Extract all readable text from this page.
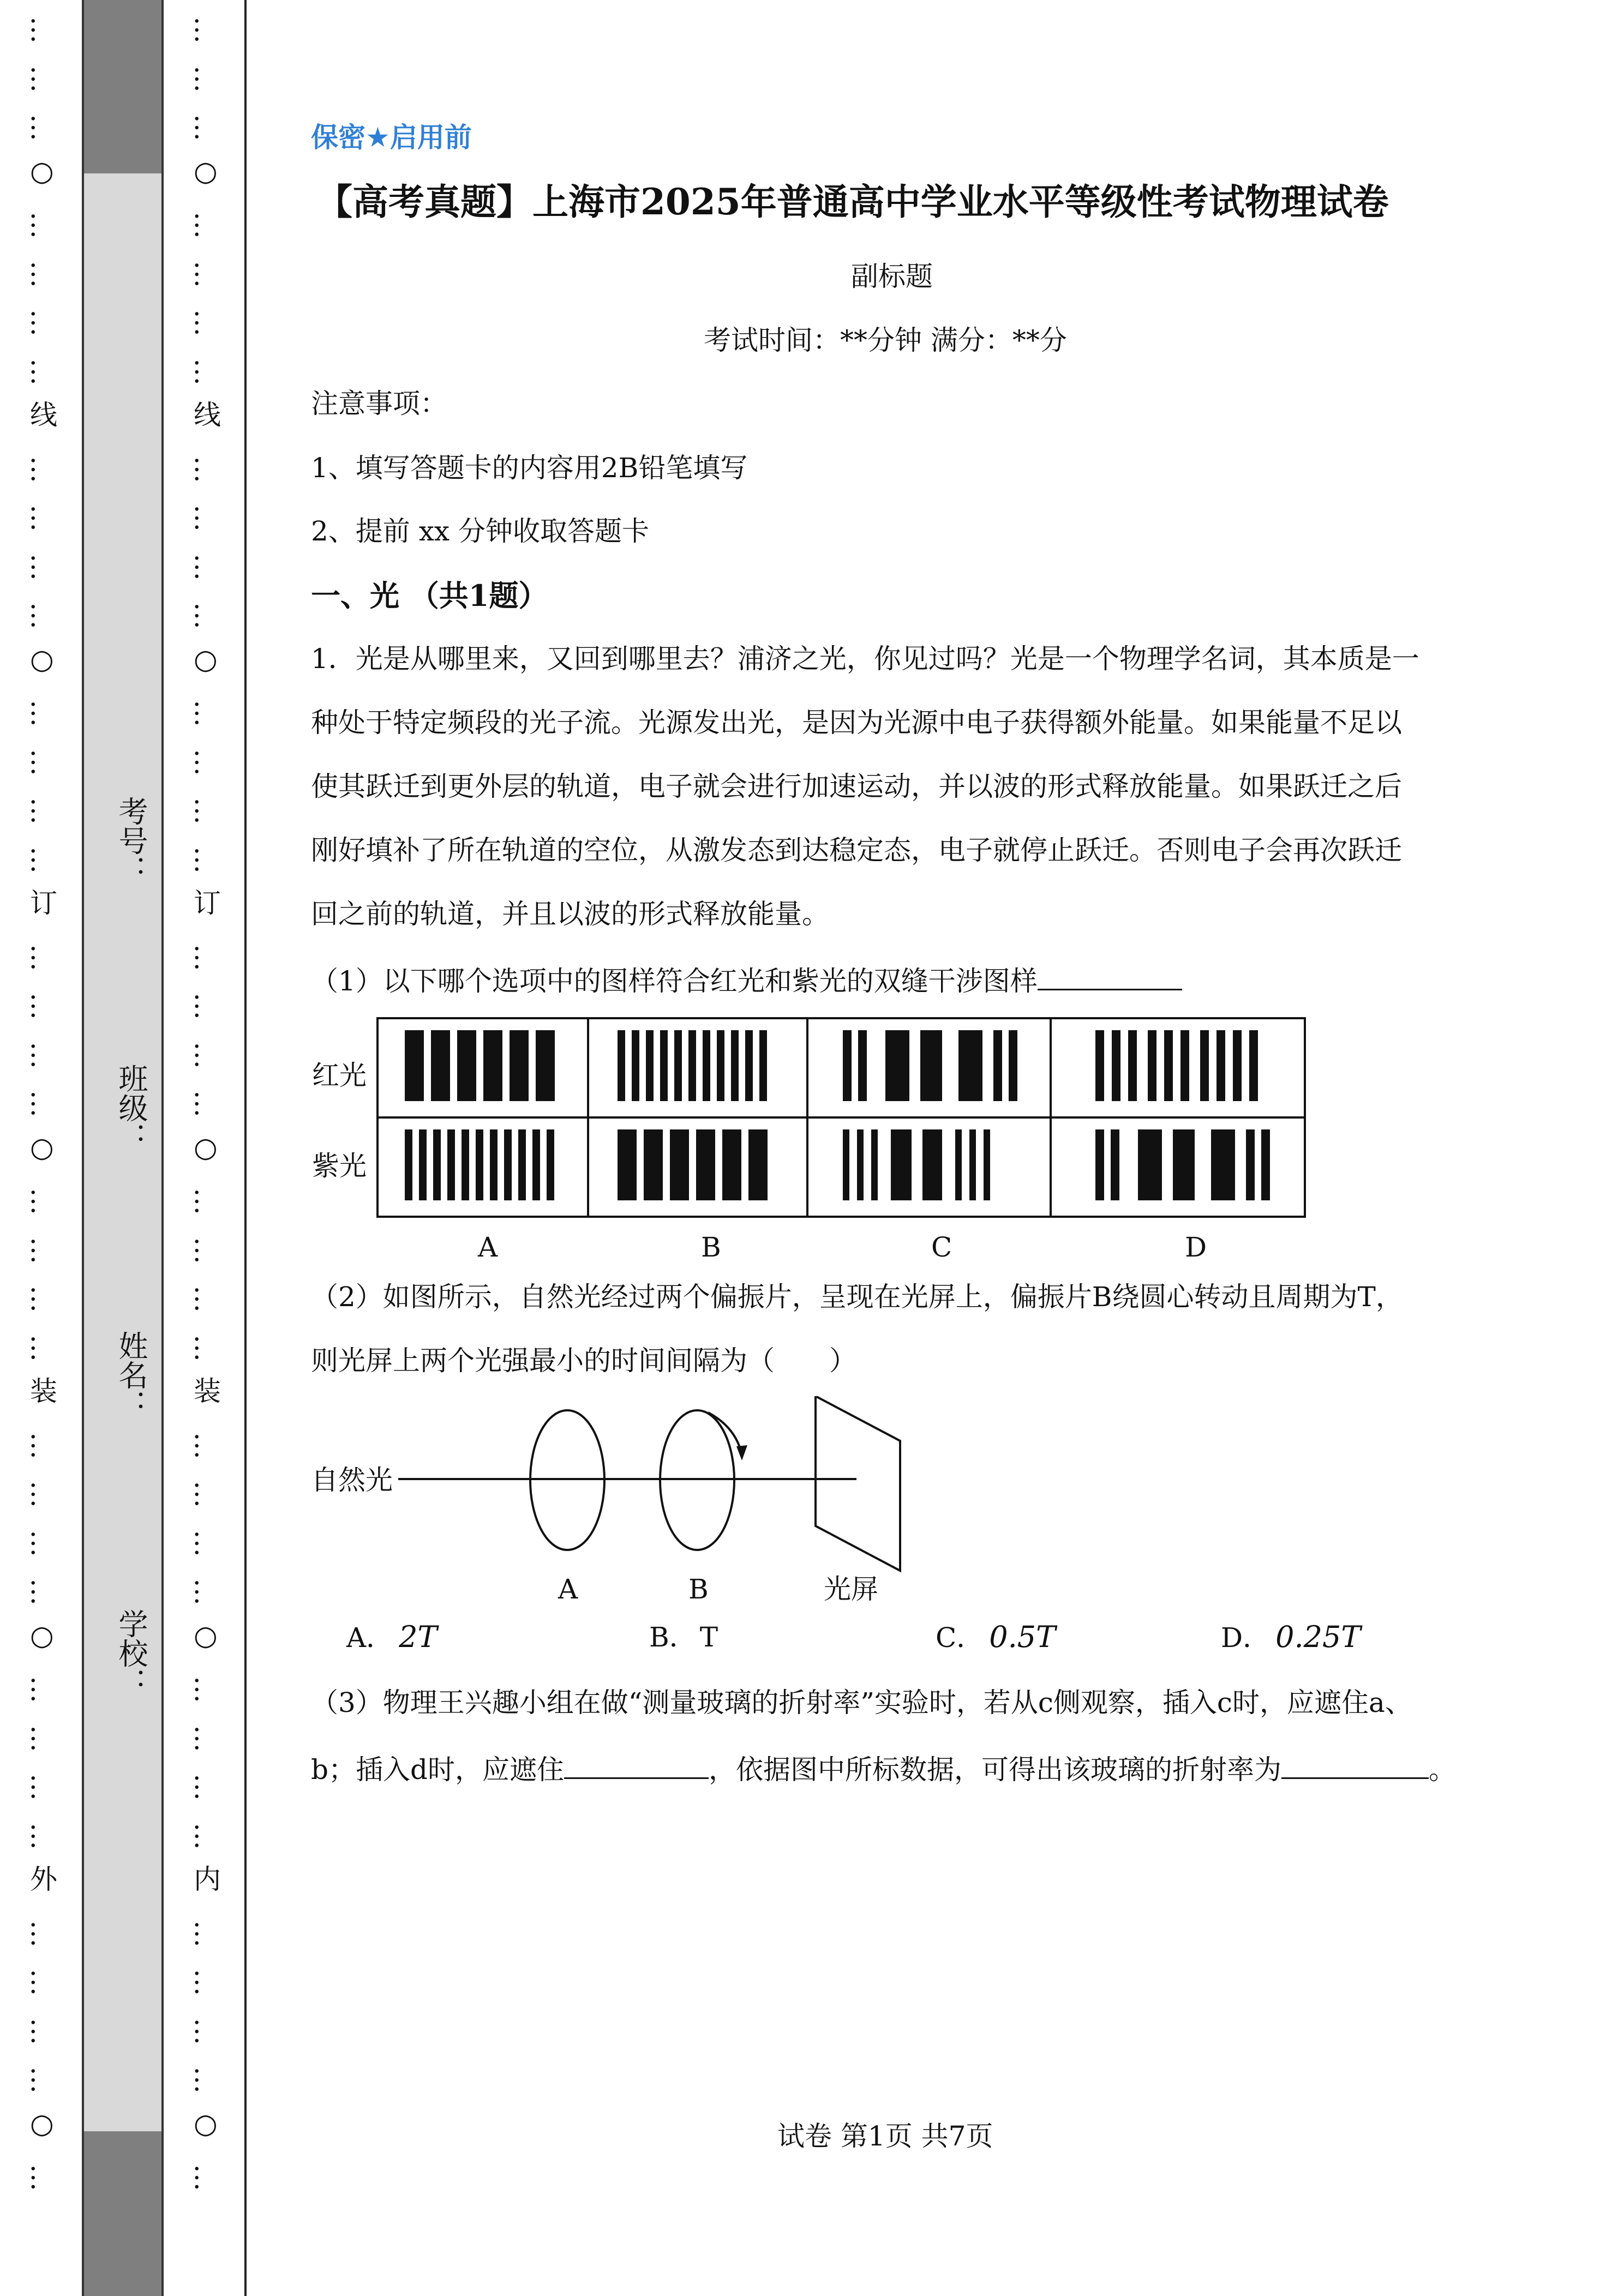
…
…
…
○
…
…
…
…
线
…
…
…
…
○
…
…
…
…
订
…
…
…
…
○
…
…
…
…
装
…
…
…
…
○
…
…
…
…
外
…
…
…
…
○
…
…
…
…
○
…
…
…
…
线
…
…
…
…
○
…
…
…
…
订
…
…
…
…
○
…
…
…
…
装
…
…
…
…
○
…
…
…
…
内
…
…
…
…
○
…
考号：
班级：
姓名：
学校：
保密★启用前
【高考真题】上海市2025年普通高中学业水平等级性考试物理试卷
副标题
考试时间：**分钟 满分：**分
注意事项：
1、填写答题卡的内容用2B铅笔填写
2、提前 xx 分钟收取答题卡
一、光 （共1题）
1．光是从哪里来，又回到哪里去？浦济之光，你见过吗？光是一个物理学名词，其本质是一
种处于特定频段的光子流。光源发出光，是因为光源中电子获得额外能量。如果能量不足以
使其跃迁到更外层的轨道，电子就会进行加速运动，并以波的形式释放能量。如果跃迁之后
刚好填补了所在轨道的空位，从激发态到达稳定态，电子就停止跃迁。否则电子会再次跃迁
回之前的轨道，并且以波的形式释放能量。
（1）以下哪个选项中的图样符合红光和紫光的双缝干涉图样
红光
紫光
A	B	C	D
（2）如图所示，自然光经过两个偏振片，呈现在光屏上，偏振片B绕圆心转动且周期为T，
则光屏上两个光强最小的时间间隔为（　　）
自然光
A	B	光屏
A． 2T	B． T	C． 0.5T	D． 0.25T
（3）物理王兴趣小组在做“测量玻璃的折射率”实验时，若从c侧观察，插入c时，应遮住a、
b；插入d时，应遮住	，依据图中所标数据，可得出该玻璃的折射率为	。
试卷 第1页 共7页
